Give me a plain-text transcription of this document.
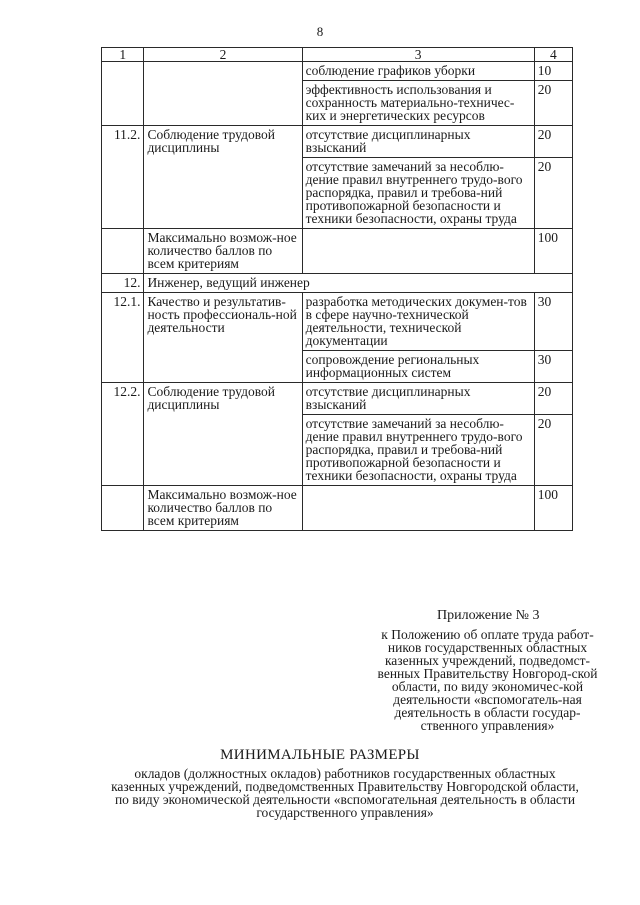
8
1	2	3	4
		соблюдение графиков уборки	10
		эффективность использования и сохранность материально-техничес-ких и энергетических ресурсов	20
11.2.	Соблюдение трудовой дисциплины	отсутствие дисциплинарных взысканий	20
		отсутствие замечаний за несоблю-дение правил внутреннего трудо-вого распорядка, правил и требова-ний противопожарной безопасности и техники безопасности, охраны труда	20
	Максимально возмож-ное количество баллов по всем критериям		100
12.	Инженер, ведущий инженер		
12.1.	Качество и результатив-ность профессиональ-ной деятельности	разработка методических докумен-тов в сфере научно-технической деятельности, технической документации	30
		сопровождение региональных информационных систем	30
12.2.	Соблюдение трудовой дисциплины	отсутствие дисциплинарных взысканий	20
		отсутствие замечаний за несоблю-дение правил внутреннего трудо-вого распорядка, правил и требова-ний противопожарной безопасности и техники безопасности, охраны труда	20
	Максимально возмож-ное количество баллов по всем критериям		100
Приложение № 3
к Положению об оплате труда работ-ников государственных областных казенных учреждений, подведомст-венных Правительству Новгород-ской области, по виду экономичес-кой деятельности «вспомогатель-ная деятельность в области государ-ственного управления»
МИНИМАЛЬНЫЕ РАЗМЕРЫ
окладов (должностных окладов) работников государственных областных казенных учреждений, подведомственных Правительству Новгородской области, по виду экономической деятельности «вспомогательная деятельность в области государственного управления»
